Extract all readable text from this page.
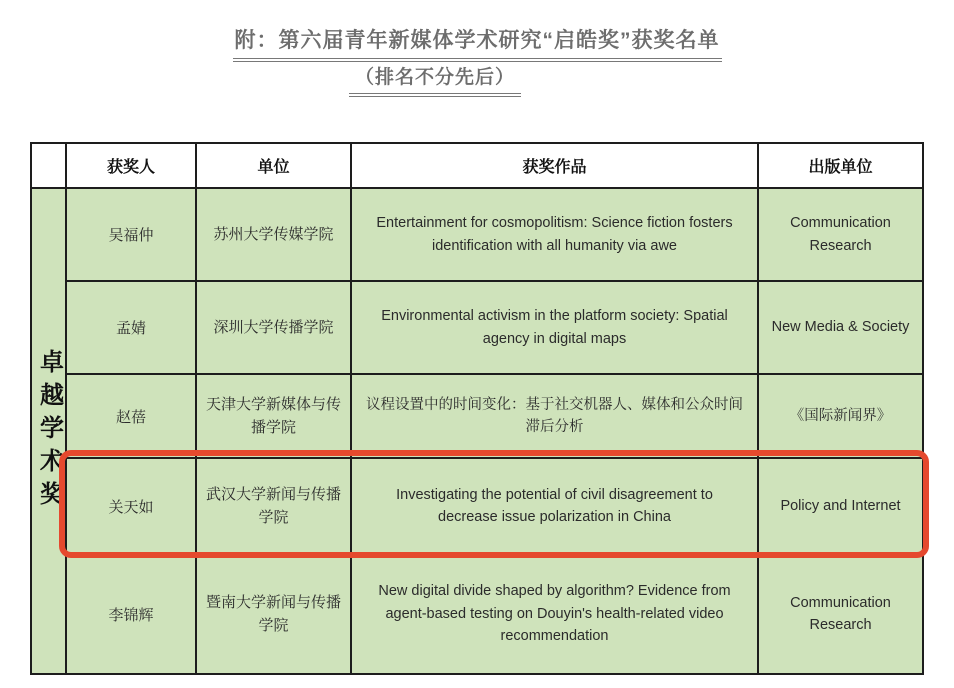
附：第六届青年新媒体学术研究“启皓奖”获奖名单
（排名不分先后）
	获奖人	单位	获奖作品	出版单位

卓越学术奖	吴福仲	苏州大学传媒学院	Entertainment for cosmopolitism: Science fiction fosters identification with all humanity via awe	Communication Research
	孟婧	深圳大学传播学院	Environmental activism in the platform society: Spatial agency in digital maps	New Media & Society
	赵蓓	天津大学新媒体与传播学院	议程设置中的时间变化：基于社交机器人、媒体和公众时间滞后分析	《国际新闻界》
	关天如	武汉大学新闻与传播学院	Investigating the potential of civil disagreement to decrease issue polarization in China	Policy and Internet
	李锦辉	暨南大学新闻与传播学院	New digital divide shaped by algorithm? Evidence from agent-based testing on Douyin's health-related video recommendation	Communication Research
